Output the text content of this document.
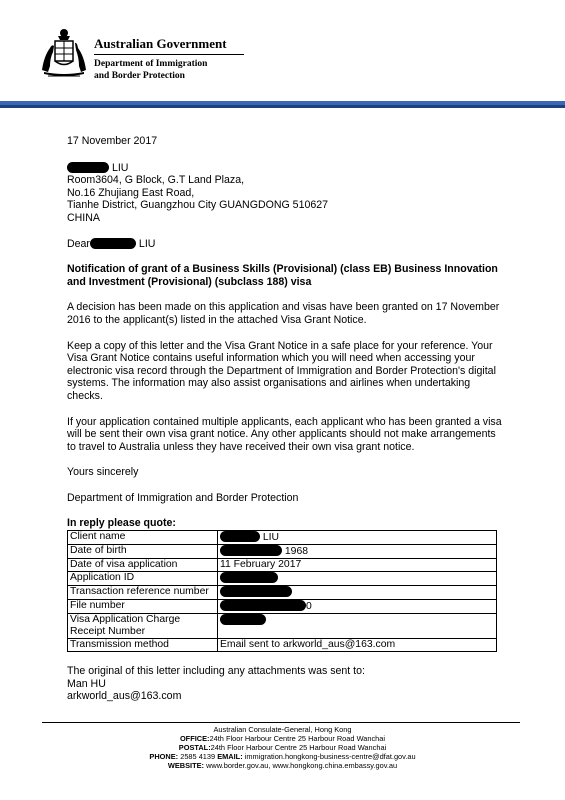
Australian Government
Department of Immigration
and Border Protection

17 November 2017

LIU

Room3604, G Block, G.T Land Plaza,

No.16 Zhujiang East Road,

Tianhe District, Guangzhou City GUANGDONG 510627

CHINA

Dear	LIU

Notification of grant of a Business Skills (Provisional) (class EB) Business Innovation and Investment (Provisional) (subclass 188) visa

A decision has been made on this application and visas have been granted on 17 November 2016 to the applicant(s) listed in the attached Visa Grant Notice.

Keep a copy of this letter and the Visa Grant Notice in a safe place for your reference. Your Visa Grant Notice contains useful information which you will need when accessing your electronic visa record through the Department of Immigration and Border Protection's digital systems. The information may also assist organisations and airlines when undertaking checks.

If your application contained multiple applicants, each applicant who has been granted a visa will be sent their own visa grant notice. Any other applicants should not make arrangements to travel to Australia unless they have received their own visa grant notice.

Yours sincerely

Department of Immigration and Border Protection

In reply please quote:

Client name	LIU
Date of birth	1968
Date of visa application	11 February 2017
Application ID	
Transaction reference number	
File number	0
Visa Application Charge Receipt Number	
Transmission method	Email sent to arkworld_aus@163.com

The original of this letter including any attachments was sent to:

Man HU

arkworld_aus@163.com

Australian Consulate-General, Hong Kong
OFFICE:24th Floor Harbour Centre 25 Harbour Road Wanchai
POSTAL:24th Floor Harbour Centre 25 Harbour Road Wanchai
PHONE: 2585 4139 EMAIL: immigration.hongkong-business-centre@dfat.gov.au
WEBSITE: www.border.gov.au, www.hongkong.china.embassy.gov.au
